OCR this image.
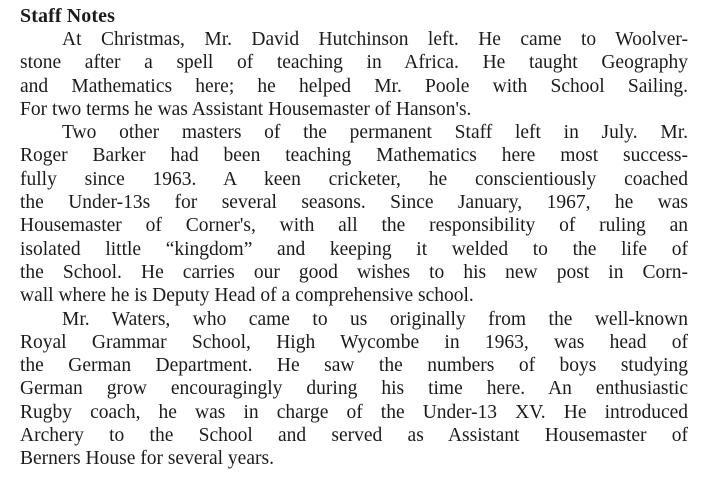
Staff Notes

At Christmas, Mr. David Hutchinson left. He came to Woolver-
stone after a spell of teaching in Africa. He taught Geography
and Mathematics here; he helped Mr. Poole with School Sailing.
For two terms he was Assistant Housemaster of Hanson's.

Two other masters of the permanent Staff left in July. Mr.
Roger Barker had been teaching Mathematics here most success-
fully since 1963. A keen cricketer, he conscientiously coached
the Under-13s for several seasons. Since January, 1967, he was
Housemaster of Corner's, with all the responsibility of ruling an
isolated little “kingdom” and keeping it welded to the life of
the School. He carries our good wishes to his new post in Corn-
wall where he is Deputy Head of a comprehensive school.

Mr. Waters, who came to us originally from the well-known
Royal Grammar School, High Wycombe in 1963, was head of
the German Department. He saw the numbers of boys studying
German grow encouragingly during his time here. An enthusiastic
Rugby coach, he was in charge of the Under-13 XV. He introduced
Archery to the School and served as Assistant Housemaster of
Berners House for several years.
